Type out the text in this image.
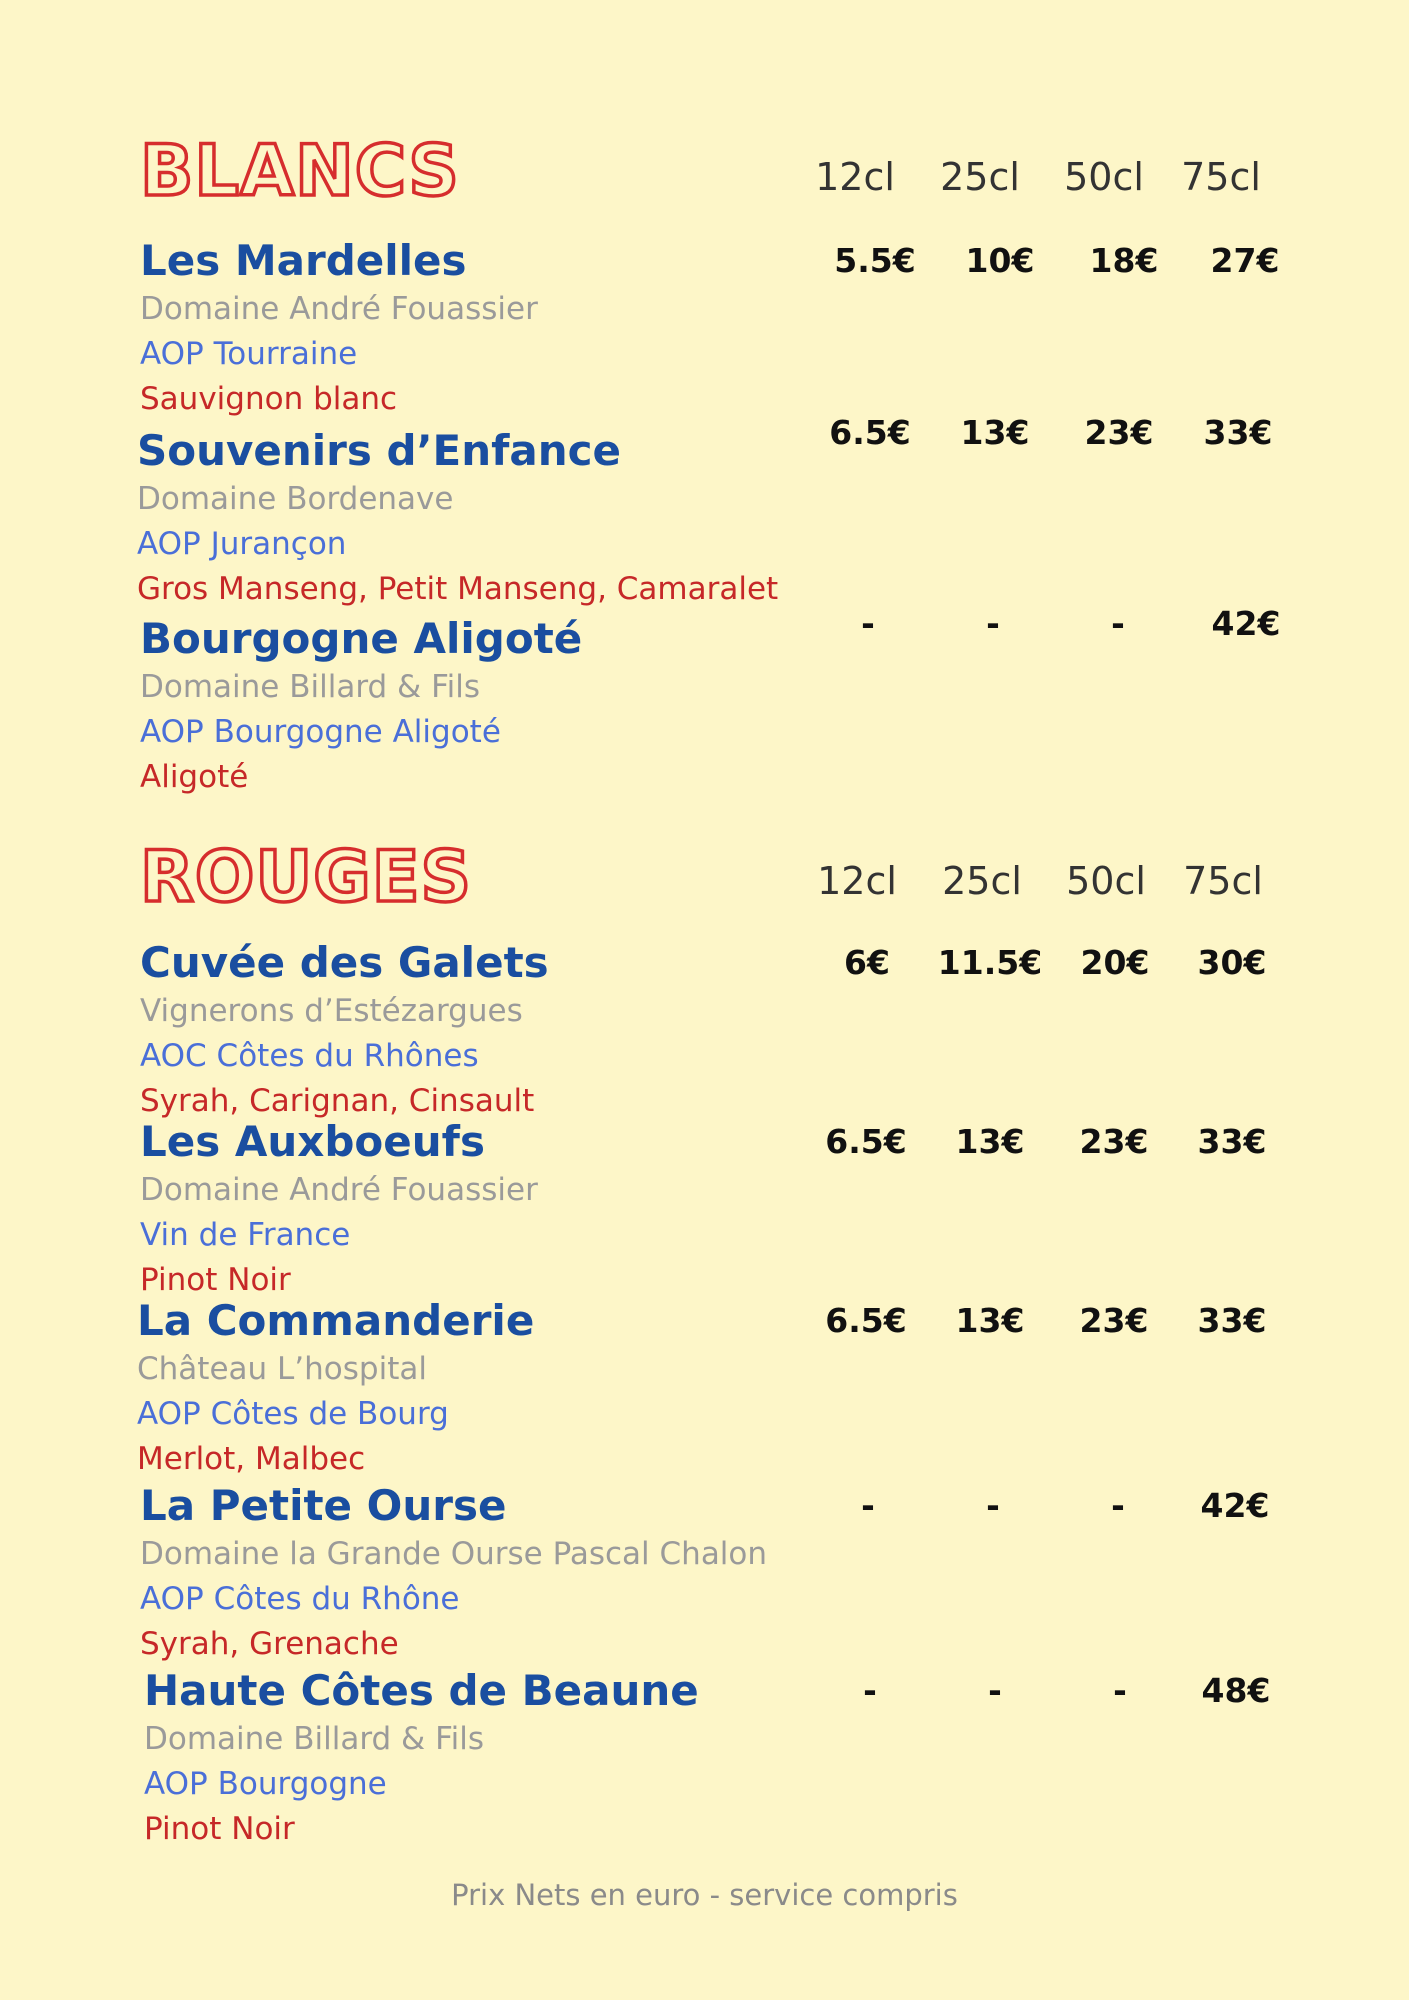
BLANCS	12cl	25cl	50cl 75cl
Les Mardelles
Domaine André Fouassier
AOP Tourraine
Sauvignon blanc
5.5€	10€	18€	27€
Souvenirs d’Enfance
Domaine Bordenave
AOP Jurançon
Gros Manseng, Petit Manseng, Camaralet
6.5€	13€	23€	33€
Bourgogne Aligoté
Domaine Billard & Fils
AOP Bourgogne Aligoté
Aligoté
-	-	-	42€
ROUGES	12cl	25cl	50cl 75cl
Cuvée des Galets
Vignerons d’Estézargues
AOC Côtes du Rhônes
Syrah, Carignan, Cinsault
6€	11.5€	20€	30€
Les Auxboeufs
Domaine André Fouassier
Vin de France
Pinot Noir
6.5€	13€	23€	33€
La Commanderie
Château L’hospital
AOP Côtes de Bourg
Merlot, Malbec
6.5€	13€	23€	33€
La Petite Ourse
Domaine la Grande Ourse Pascal Chalon
AOP Côtes du Rhône
Syrah, Grenache
-	-	-	42€
Haute Côtes de Beaune
Domaine Billard & Fils
AOP Bourgogne
Pinot Noir
-	-	-	48€
Prix Nets en euro - service compris
